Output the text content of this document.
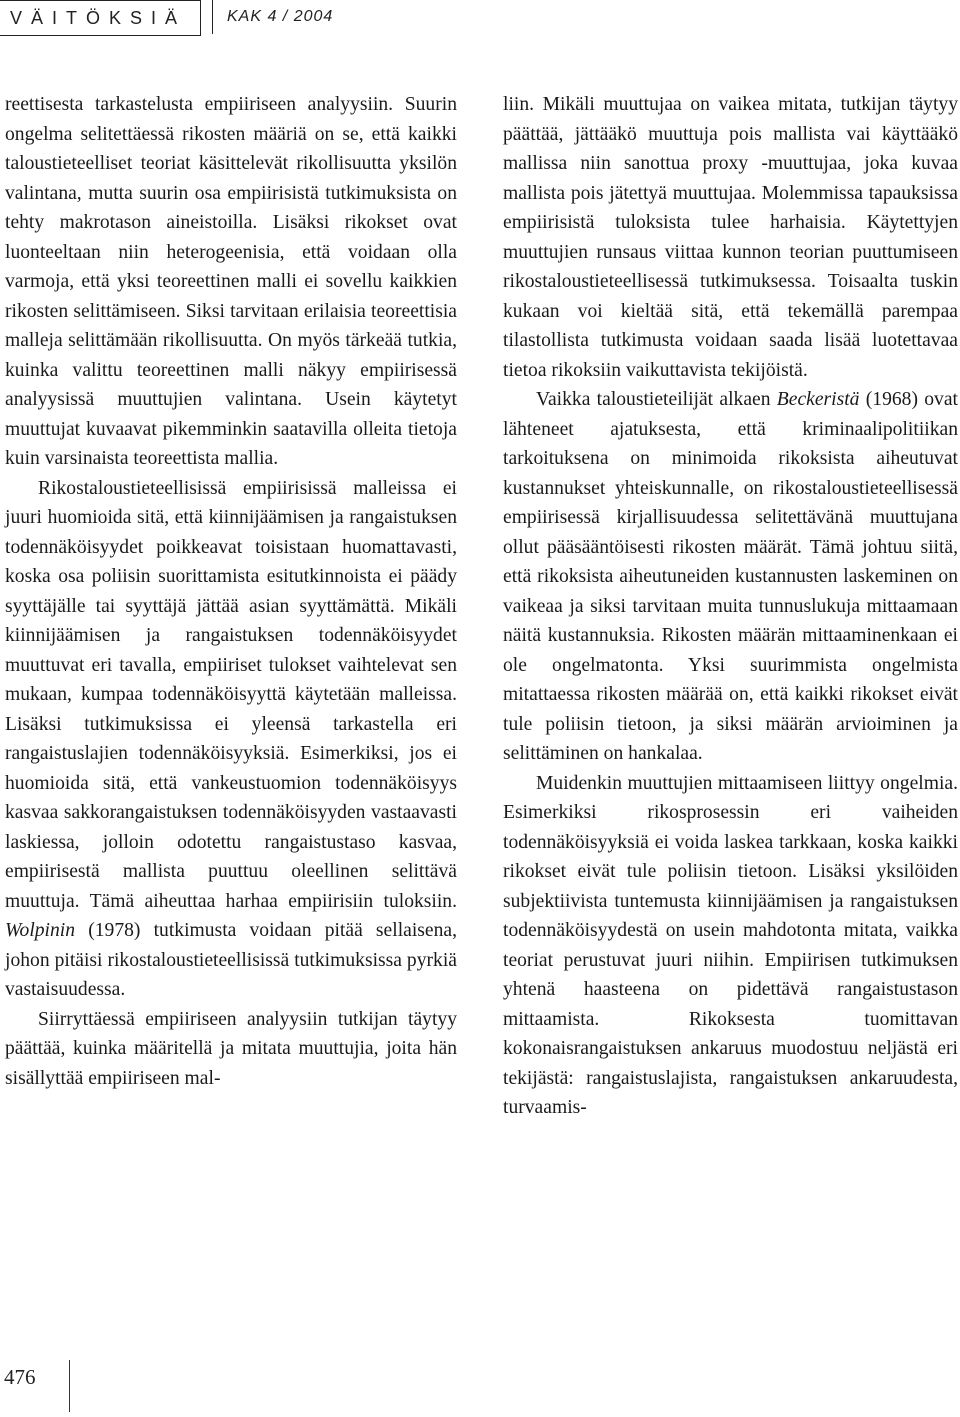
VÄITÖKSIÄ	KAK 4 / 2004

reettisesta tarkastelusta empiiriseen analyysiin. Suurin ongelma selitettäessä rikosten määriä on se, että kaikki taloustieteelliset teoriat käsittelevät rikollisuutta yksilön valintana, mutta suurin osa empiirisistä tutkimuksista on tehty makrotason aineistoilla. Lisäksi rikokset ovat luonteeltaan niin heterogeenisia, että voidaan olla varmoja, että yksi teoreettinen malli ei sovellu kaikkien rikosten selittämiseen. Siksi tarvitaan erilaisia teoreettisia malleja selittämään rikollisuutta. On myös tärkeää tutkia, kuinka valittu teoreettinen malli näkyy empiirisessä analyysissä muuttujien valintana. Usein käytetyt muuttujat kuvaavat pikemminkin saatavilla olleita tietoja kuin varsinaista teoreettista mallia.

Rikostaloustieteellisissä empiirisissä malleissa ei juuri huomioida sitä, että kiinnijäämisen ja rangaistuksen todennäköisyydet poikkeavat toisistaan huomattavasti, koska osa poliisin suorittamista esitutkinnoista ei päädy syyttäjälle tai syyttäjä jättää asian syyttämättä. Mikäli kiinnijäämisen ja rangaistuksen todennäköisyydet muuttuvat eri tavalla, empiiriset tulokset vaihtelevat sen mukaan, kumpaa todennäköisyyttä käytetään malleissa. Lisäksi tutkimuksissa ei yleensä tarkastella eri rangaistuslajien todennäköisyyksiä. Esimerkiksi, jos ei huomioida sitä, että vankeustuomion todennäköisyys kasvaa sakkorangaistuksen todennäköisyyden vastaavasti laskiessa, jolloin odotettu rangaistustaso kasvaa, empiirisestä mallista puuttuu oleellinen selittävä muuttuja. Tämä aiheuttaa harhaa empiirisiin tuloksiin. Wolpinin (1978) tutkimusta voidaan pitää sellaisena, johon pitäisi rikostaloustieteellisissä tutkimuksissa pyrkiä vastaisuudessa.

Siirryttäessä empiiriseen analyysiin tutkijan täytyy päättää, kuinka määritellä ja mitata muuttujia, joita hän sisällyttää empiiriseen mal-

liin. Mikäli muuttujaa on vaikea mitata, tutkijan täytyy päättää, jättääkö muuttuja pois mallista vai käyttääkö mallissa niin sanottua proxy -muuttujaa, joka kuvaa mallista pois jätettyä muuttujaa. Molemmissa tapauksissa empiirisistä tuloksista tulee harhaisia. Käytettyjen muuttujien runsaus viittaa kunnon teorian puuttumiseen rikostaloustieteellisessä tutkimuksessa. Toisaalta tuskin kukaan voi kieltää sitä, että tekemällä parempaa tilastollista tutkimusta voidaan saada lisää luotettavaa tietoa rikoksiin vaikuttavista tekijöistä.

Vaikka taloustieteilijät alkaen Beckeristä (1968) ovat lähteneet ajatuksesta, että kriminaalipolitiikan tarkoituksena on minimoida rikoksista aiheutuvat kustannukset yhteiskunnalle, on rikostaloustieteellisessä empiirisessä kirjallisuudessa selitettävänä muuttujana ollut pääsääntöisesti rikosten määrät. Tämä johtuu siitä, että rikoksista aiheutuneiden kustannusten laskeminen on vaikeaa ja siksi tarvitaan muita tunnuslukuja mittaamaan näitä kustannuksia. Rikosten määrän mittaaminenkaan ei ole ongelmatonta. Yksi suurimmista ongelmista mitattaessa rikosten määrää on, että kaikki rikokset eivät tule poliisin tietoon, ja siksi määrän arvioiminen ja selittäminen on hankalaa.

Muidenkin muuttujien mittaamiseen liittyy ongelmia. Esimerkiksi rikosprosessin eri vaiheiden todennäköisyyksiä ei voida laskea tarkkaan, koska kaikki rikokset eivät tule poliisin tietoon. Lisäksi yksilöiden subjektiivista tuntemusta kiinnijäämisen ja rangaistuksen todennäköisyydestä on usein mahdotonta mitata, vaikka teoriat perustuvat juuri niihin. Empiirisen tutkimuksen yhtenä haasteena on pidettävä rangaistustason mittaamista. Rikoksesta tuomittavan kokonaisrangaistuksen ankaruus muodostuu neljästä eri tekijästä: rangaistuslajista, rangaistuksen ankaruudesta, turvaamis-

476
